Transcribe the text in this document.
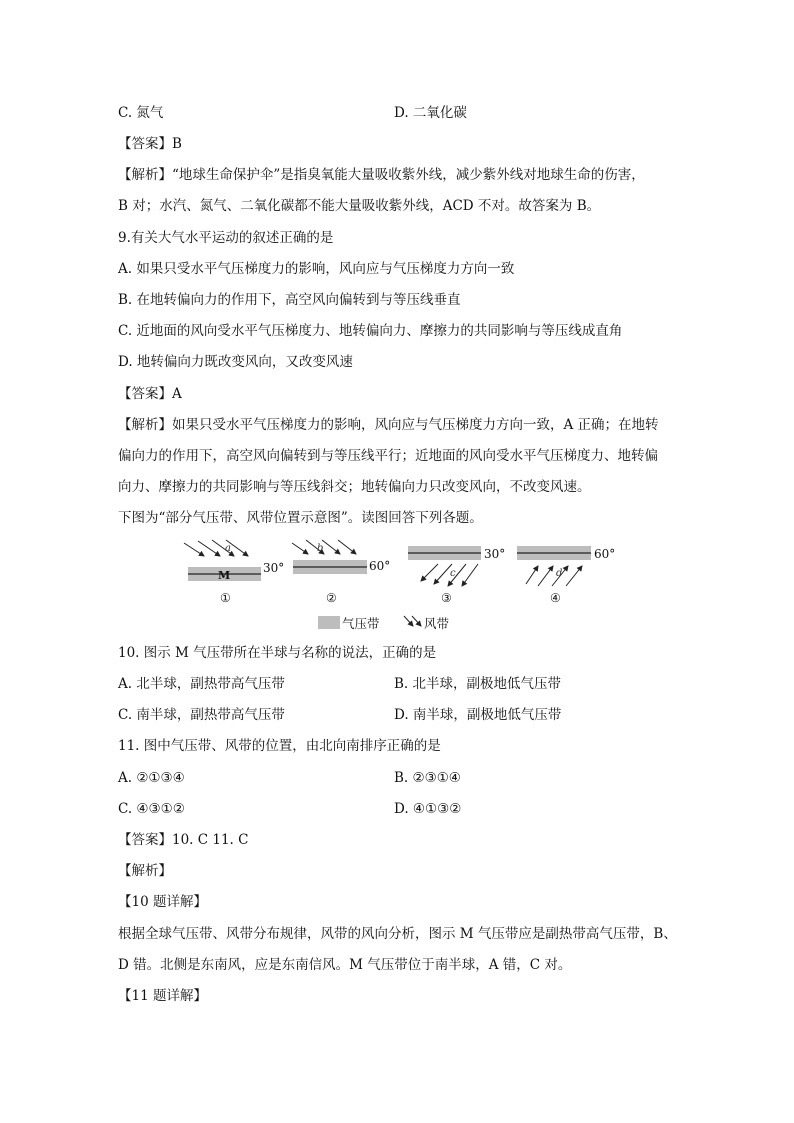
C. 氮气	D. 二氧化碳
【答案】B
【解析】“地球生命保护伞”是指臭氧能大量吸收紫外线，减少紫外线对地球生命的伤害，
B 对；水汽、氮气、二氧化碳都不能大量吸收紫外线，ACD 不对。故答案为 B。
9.有关大气水平运动的叙述正确的是
A. 如果只受水平气压梯度力的影响，风向应与气压梯度力方向一致
B. 在地转偏向力的作用下，高空风向偏转到与等压线垂直
C. 近地面的风向受水平气压梯度力、地转偏向力、摩擦力的共同影响与等压线成直角
D. 地转偏向力既改变风向，又改变风速
【答案】A
【解析】如果只受水平气压梯度力的影响，风向应与气压梯度力方向一致，A 正确；在地转
偏向力的作用下，高空风向偏转到与等压线平行；近地面的风向受水平气压梯度力、地转偏
向力、摩擦力的共同影响与等压线斜交；地转偏向力只改变风向，不改变风速。
下图为“部分气压带、风带位置示意图”。读图回答下列各题。
a
M
30°
①
b
60°
②
30°
c
③
60°
d
④
气压带	风带
10. 图示 M 气压带所在半球与名称的说法，正确的是
A. 北半球，副热带高气压带	B. 北半球，副极地低气压带
C. 南半球，副热带高气压带	D. 南半球，副极地低气压带
11. 图中气压带、风带的位置，由北向南排序正确的是
A. ②①③④	B. ②③①④
C. ④③①②	D. ④①③②
【答案】10. C 11. C
【解析】
【10 题详解】
根据全球气压带、风带分布规律，风带的风向分析，图示 M 气压带应是副热带高气压带，B、
D 错。北侧是东南风，应是东南信风。M 气压带位于南半球，A 错，C 对。
【11 题详解】
